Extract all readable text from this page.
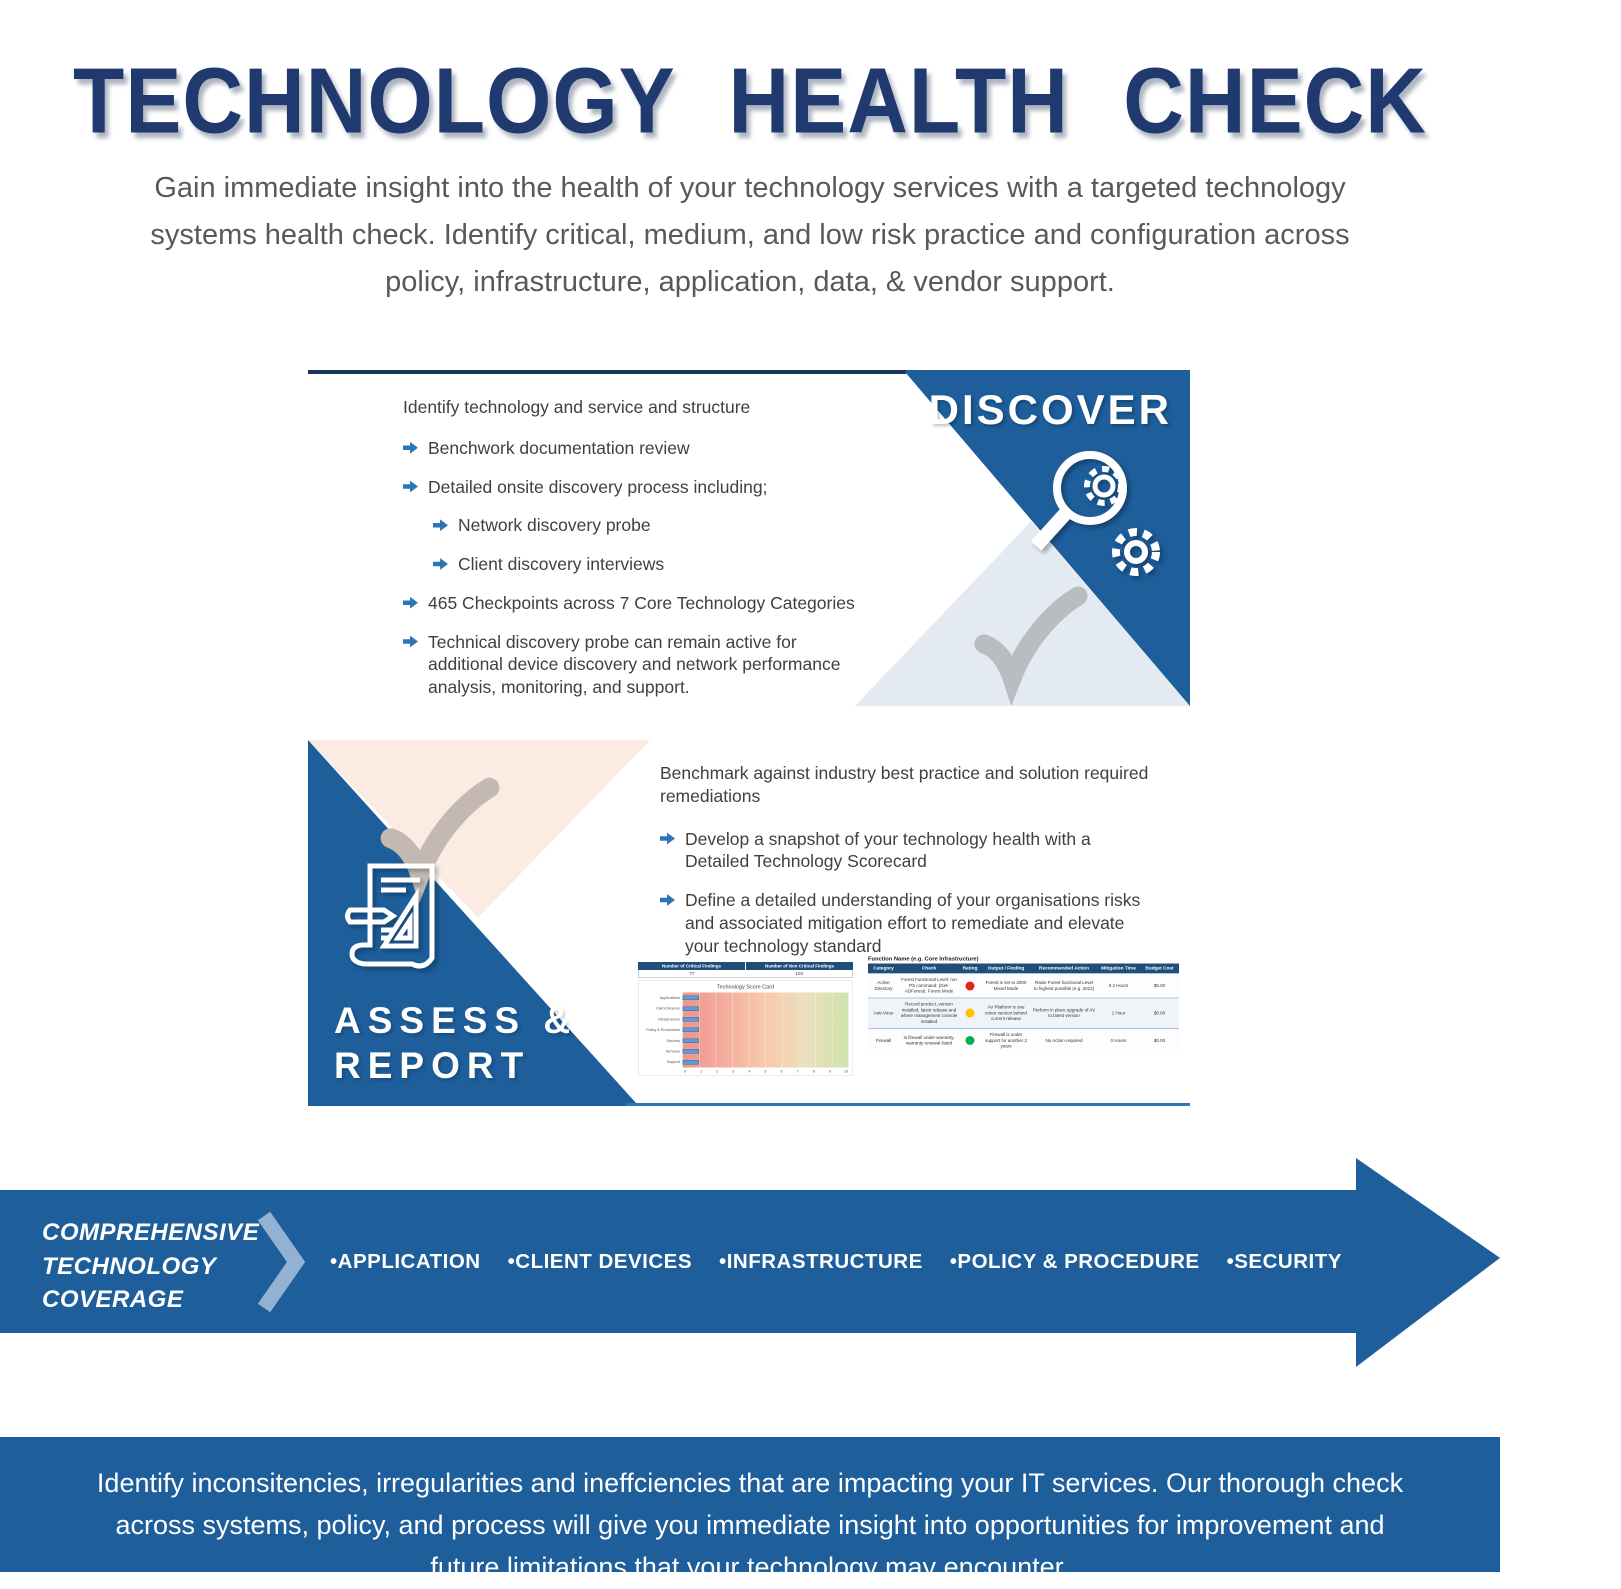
TECHNOLOGY HEALTH CHECK

Gain immediate insight into the health of your technology services with a targeted technology systems health check. Identify critical, medium, and low risk practice and configuration across policy, infrastructure, application, data, & vendor support.

DISCOVER

Identify technology and service and structure

Benchwork documentation review
Detailed onsite discovery process including;
Network discovery probe
Client discovery interviews
465 Checkpoints across 7 Core Technology Categories
Technical discovery probe can remain active for additional device discovery and network performance analysis, monitoring, and support.
ASSESS &
REPORT

Benchmark against industry best practice and solution required remediations

Develop a snapshot of your technology health with a Detailed Technology Scorecard
Define a detailed understanding of your organisations risks and associated mitigation effort to remediate and elevate your technology standard
Number of Critical Findings	Number of Non Critical Findings
77	103
Technology Score Card
Applications
Client Devices
Infrastructure
Policy & Procedures
Security
Services
Support
0 1 2 3 4 5 6 7 8 9 10
Function Name (e.g. Core Infrastructure)
Category	Check	Rating	Output / Finding	Recommended Action	Mitigation Time	Budget Cost
Active Directory	Forest Functional Level: run PS command: (Get-ADForest). Forest Mode		Forest is set to 2000 Mixed Mode	Raise Forest functional Level to highest possible (e.g. 2012)	0.2 Hours	$0.00
Anti-Virus	Record product, version installed, latest release and where management console installed		AV Platform is one minor version behind current release	Perform in place upgrade of AV to latest version	1 Hour	$0.00
Firewall	Is firewall under warranty, warranty renewal listed		Firewall is under support for another 2 years	No Action required	0 Hours	$0.00
COMPREHENSIVE TECHNOLOGY COVERAGE
•APPLICATION •CLIENT DEVICES •INFRASTRUCTURE •POLICY & PROCEDURE •SECURITY	•SUPPORT

Identify inconsitencies, irregularities and ineffciencies that are impacting your IT services. Our thorough check across systems, policy, and process will give you immediate insight into opportunities for improvement and future limitations that your technology may encounter.
